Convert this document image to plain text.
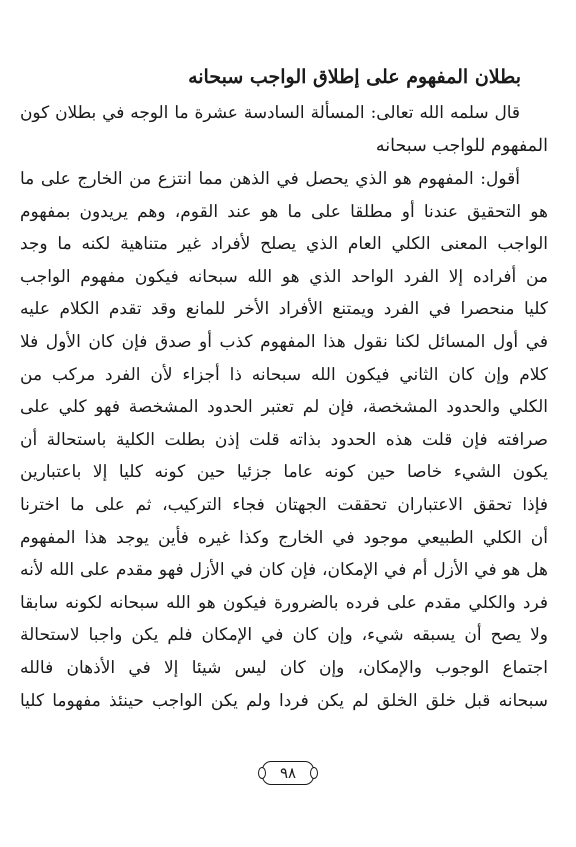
بطلان المفهوم على إطلاق الواجب سبحانه
قال سلمه الله تعالى: المسألة السادسة عشرة ما الوجه في بطلان كون
المفهوم للواجب سبحانه
أقول: المفهوم هو الذي يحصل في الذهن مما انتزع من الخارج على ما
هو التحقيق عندنا أو مطلقا على ما هو عند القوم، وهم يريدون بمفهوم
الواجب المعنى الكلي العام الذي يصلح لأفراد غير متناهية لكنه ما وجد
من أفراده إلا الفرد الواحد الذي هو الله سبحانه فيكون مفهوم الواجب
كليا منحصرا في الفرد ويمتنع الأفراد الأخر للمانع وقد تقدم الكلام عليه
في أول المسائل لكنا نقول هذا المفهوم كذب أو صدق فإن كان الأول فلا
كلام وإن كان الثاني فيكون الله سبحانه ذا أجزاء لأن الفرد مركب من
الكلي والحدود المشخصة، فإن لم تعتبر الحدود المشخصة فهو كلي على
صرافته فإن قلت هذه الحدود بذاته قلت إذن بطلت الكلية باستحالة أن
يكون الشيء خاصا حين كونه عاما جزئيا حين كونه كليا إلا باعتبارين
فإذا تحقق الاعتباران تحققت الجهتان فجاء التركيب، ثم على ما اخترنا
أن الكلي الطبيعي موجود في الخارج وكذا غيره فأين يوجد هذا المفهوم
هل هو في الأزل أم في الإمكان، فإن كان في الأزل فهو مقدم على الله لأنه
فرد والكلي مقدم على فرده بالضرورة فيكون هو الله سبحانه لكونه سابقا
ولا يصح أن يسبقه شيء، وإن كان في الإمكان فلم يكن واجبا لاستحالة
اجتماع الوجوب والإمكان، وإن كان ليس شيئا إلا في الأذهان فالله
سبحانه قبل خلق الخلق لم يكن فردا ولم يكن الواجب حينئذ مفهوما كليا
٩٨
